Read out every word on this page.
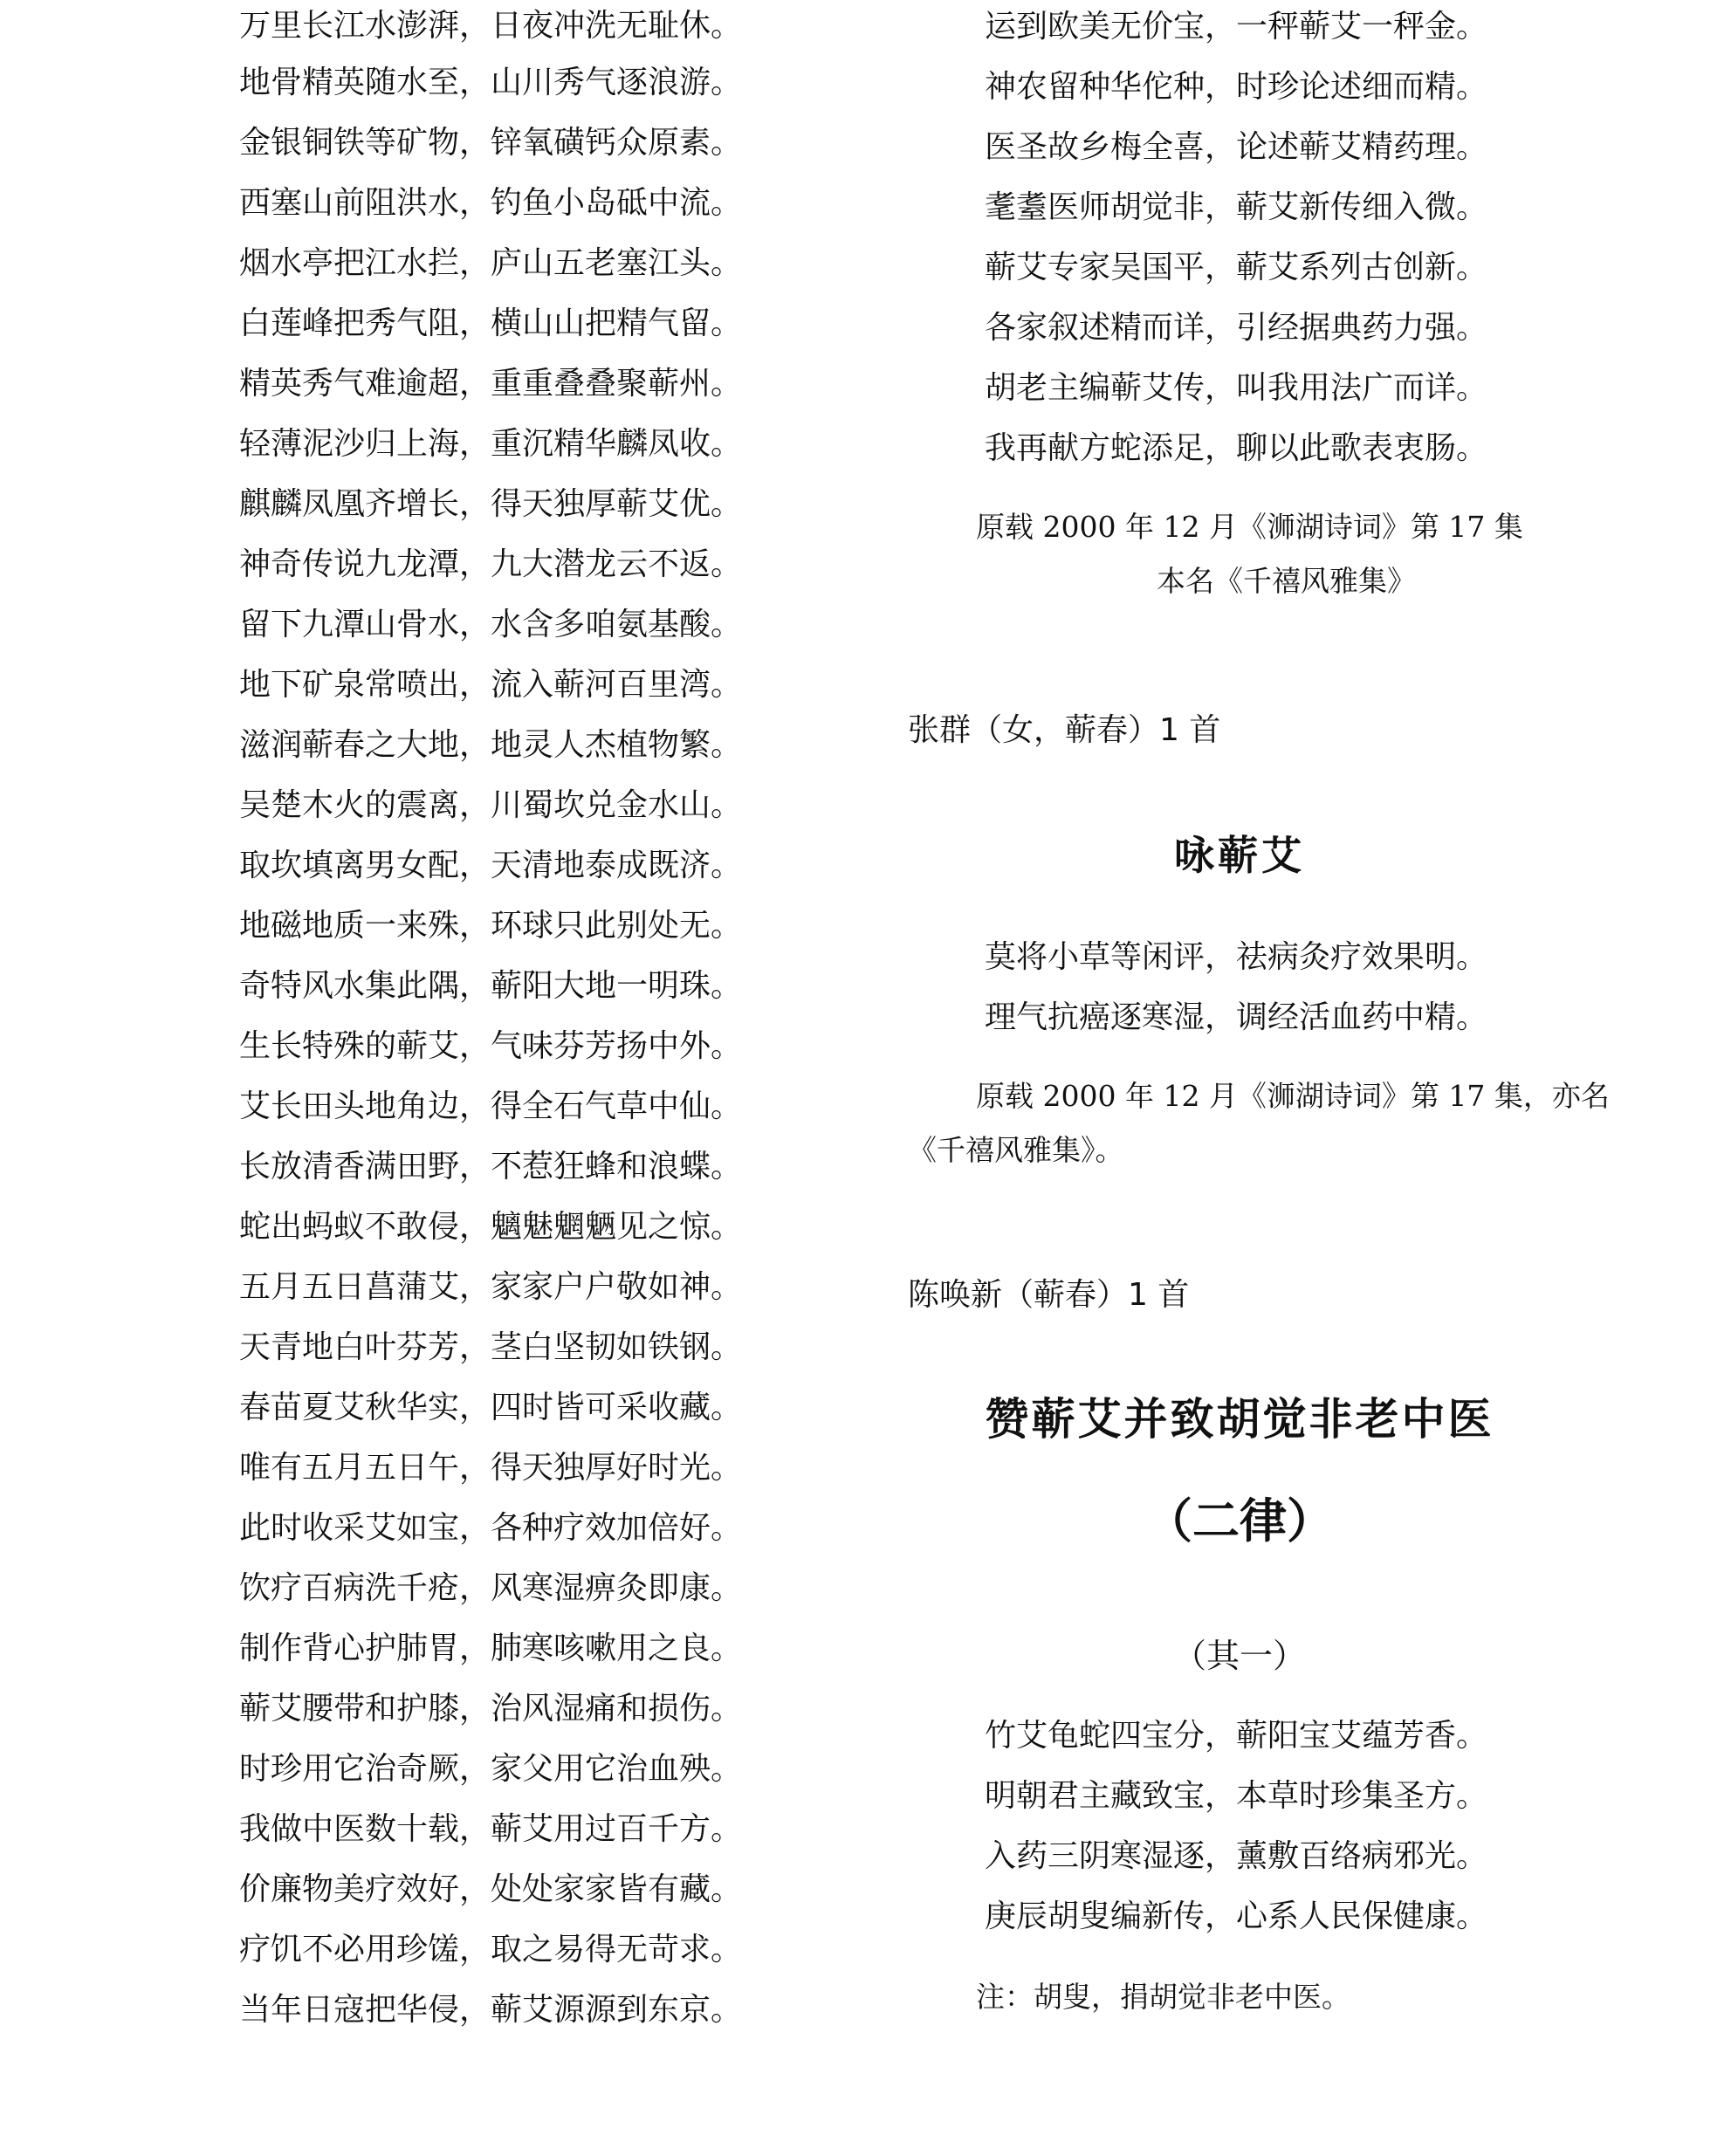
万里长江水澎湃，日夜冲洗无耻休。

地骨精英随水至，山川秀气逐浪游。

金银铜铁等矿物，锌氧磺钙众原素。

西塞山前阻洪水，钓鱼小岛砥中流。

烟水亭把江水拦，庐山五老塞江头。

白莲峰把秀气阻，横山山把精气留。

精英秀气难逾超，重重叠叠聚蕲州。

轻薄泥沙归上海，重沉精华麟凤收。

麒麟凤凰齐增长，得天独厚蕲艾优。

神奇传说九龙潭，九大潜龙云不返。

留下九潭山骨水，水含多咱氨基酸。

地下矿泉常喷出，流入蕲河百里湾。

滋润蕲春之大地，地灵人杰植物繁。

吴楚木火的震离，川蜀坎兑金水山。

取坎填离男女配，天清地泰成既济。

地磁地质一来殊，环球只此别处无。

奇特风水集此隅，蕲阳大地一明珠。

生长特殊的蕲艾，气味芬芳扬中外。

艾长田头地角边，得全石气草中仙。

长放清香满田野，不惹狂蜂和浪蝶。

蛇出蚂蚁不敢侵，魑魅魍魉见之惊。

五月五日菖蒲艾，家家户户敬如神。

天青地白叶芬芳，茎白坚韧如铁钢。

春苗夏艾秋华实，四时皆可采收藏。

唯有五月五日午，得天独厚好时光。

此时收采艾如宝，各种疗效加倍好。

饮疗百病洗千疮，风寒湿痹灸即康。

制作背心护肺胃，肺寒咳嗽用之良。

蕲艾腰带和护膝，治风湿痛和损伤。

时珍用它治奇厥，家父用它治血殃。

我做中医数十载，蕲艾用过百千方。

价廉物美疗效好，处处家家皆有藏。

疗饥不必用珍馐，取之易得无苛求。

当年日寇把华侵，蕲艾源源到东京。

运到欧美无价宝，一秤蕲艾一秤金。

神农留种华佗种，时珍论述细而精。

医圣故乡梅全喜，论述蕲艾精药理。

耄耋医师胡觉非，蕲艾新传细入微。

蕲艾专家吴国平，蕲艾系列古创新。

各家叙述精而详，引经据典药力强。

胡老主编蕲艾传，叫我用法广而详。

我再献方蛇添足，聊以此歌表衷肠。

原载 2000 年 12 月《浉湖诗词》第 17 集

本名《千禧风雅集》

张群（女，蕲春）1 首

咏蕲艾

莫将小草等闲评，祛病灸疗效果明。

理气抗癌逐寒湿，调经活血药中精。

原载 2000 年 12 月《浉湖诗词》第 17 集，亦名

《千禧风雅集》。

陈唤新（蕲春）1 首

赞蕲艾并致胡觉非老中医
（二律）

（其一）

竹艾龟蛇四宝分，蕲阳宝艾蕴芳香。

明朝君主藏致宝，本草时珍集圣方。

入药三阴寒湿逐，薰敷百络病邪光。

庚辰胡叟编新传，心系人民保健康。

注：胡叟，捐胡觉非老中医。
